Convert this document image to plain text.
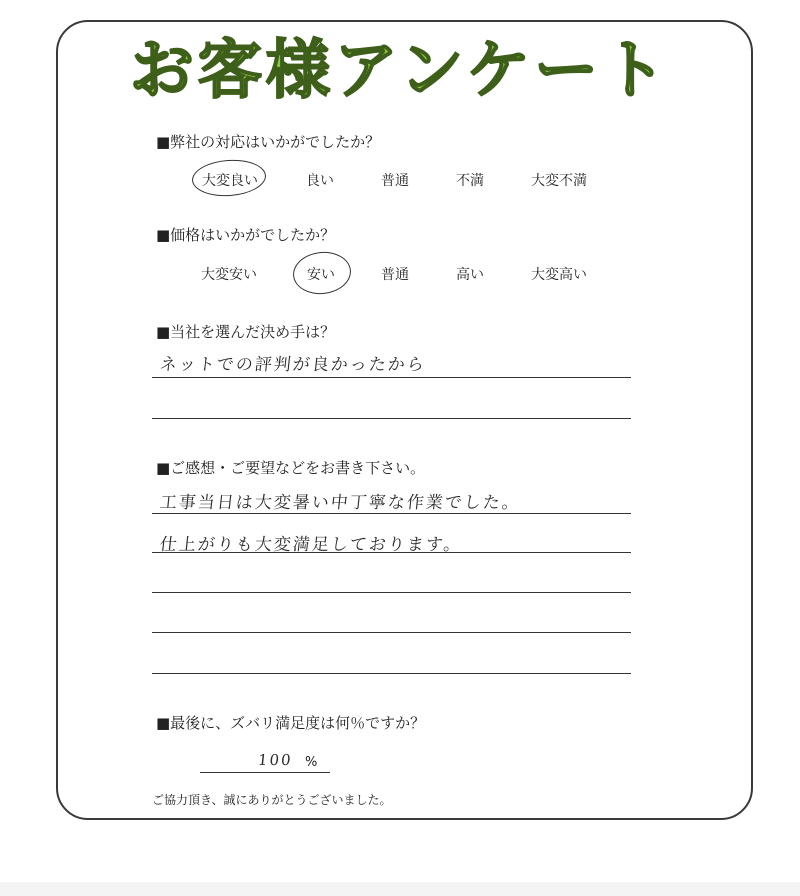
お客様アンケート
■弊社の対応はいかがでしたか？
大変良い	良い	普通	不満	大変不満
■価格はいかがでしたか？
大変安い	安い	普通	高い	大変高い
■当社を選んだ決め手は？
ネットでの評判が良かったから
■ご感想・ご要望などをお書き下さい。
工事当日は大変暑い中丁寧な作業でした。
仕上がりも大変満足しております。
■最後に、ズバリ満足度は何％ですか？
100 %
ご協力頂き、誠にありがとうございました。
